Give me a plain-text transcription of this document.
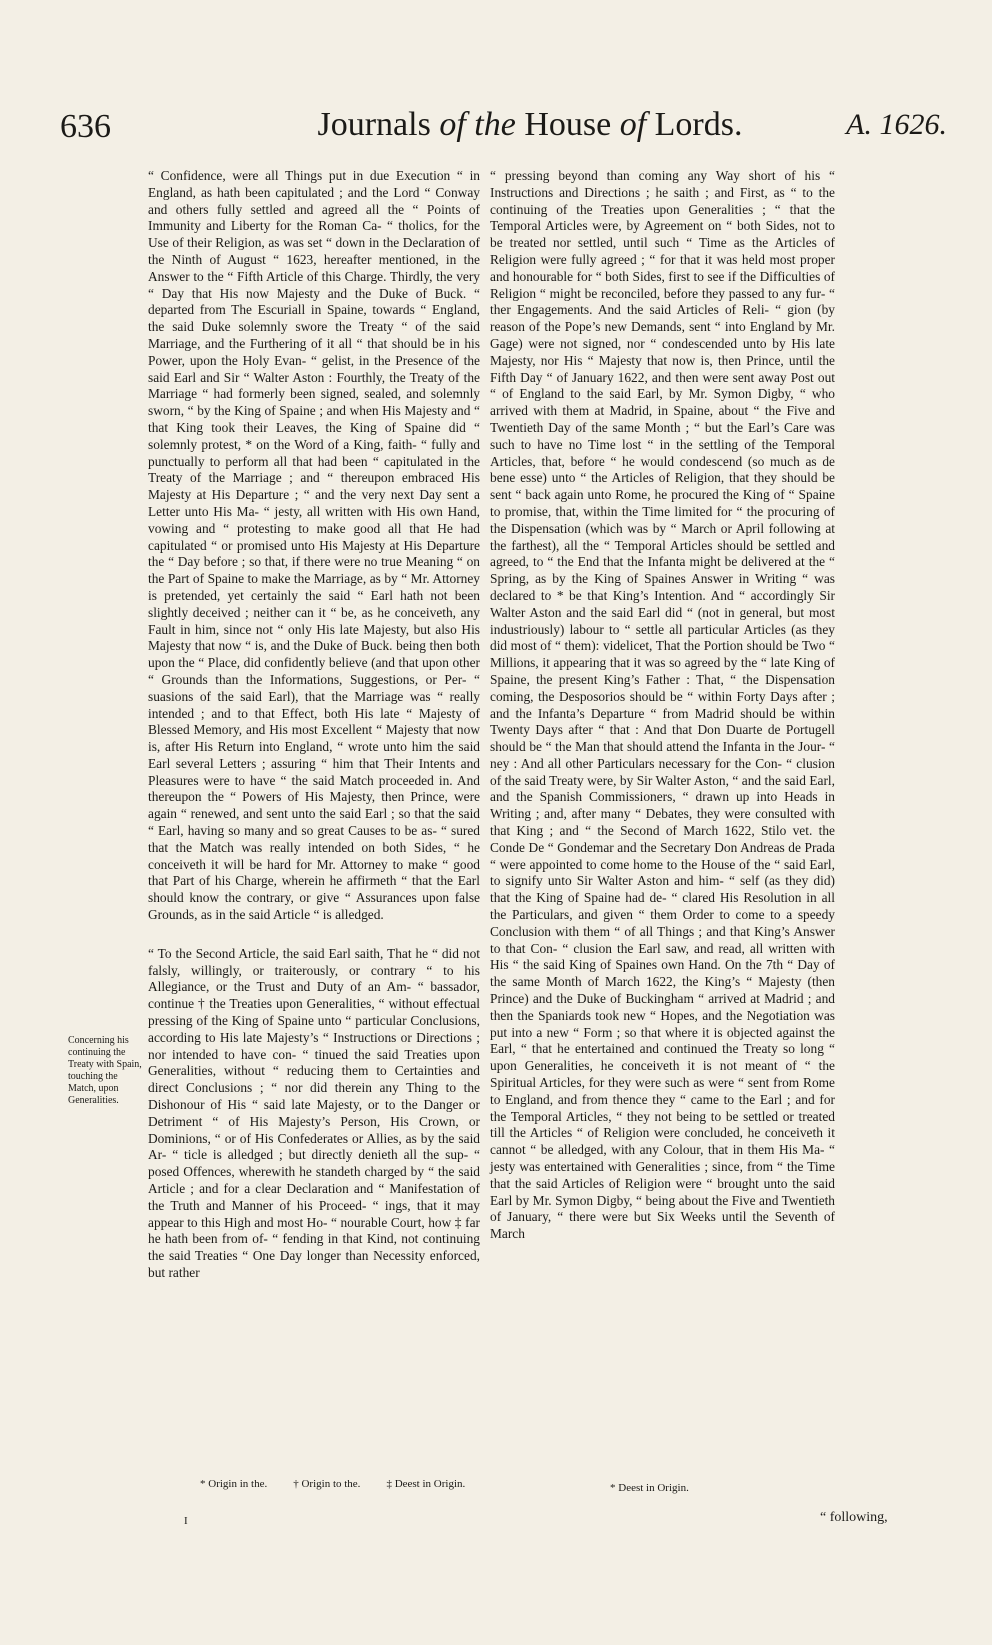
636	Journals of the House of Lords.	A. 1626.
Concerning his continuing the Treaty with Spain, touching the Match, upon Generalities.

“ Confidence, were all Things put in due Execution “ in England, as hath been capitulated ; and the Lord “ Conway and others fully settled and agreed all the “ Points of Immunity and Liberty for the Roman Ca- “ tholics, for the Use of their Religion, as was set “ down in the Declaration of the Ninth of August “ 1623, hereafter mentioned, in the Answer to the “ Fifth Article of this Charge. Thirdly, the very “ Day that His now Majesty and the Duke of Buck. “ departed from The Escuriall in Spaine, towards “ England, the said Duke solemnly swore the Treaty “ of the said Marriage, and the Furthering of it all “ that should be in his Power, upon the Holy Evan- “ gelist, in the Presence of the said Earl and Sir “ Walter Aston : Fourthly, the Treaty of the Marriage “ had formerly been signed, sealed, and solemnly sworn, “ by the King of Spaine ; and when His Majesty and “ that King took their Leaves, the King of Spaine did “ solemnly protest, * on the Word of a King, faith- “ fully and punctually to perform all that had been “ capitulated in the Treaty of the Marriage ; and “ thereupon embraced His Majesty at His Departure ; “ and the very next Day sent a Letter unto His Ma- “ jesty, all written with His own Hand, vowing and “ protesting to make good all that He had capitulated “ or promised unto His Majesty at His Departure the “ Day before ; so that, if there were no true Meaning “ on the Part of Spaine to make the Marriage, as by “ Mr. Attorney is pretended, yet certainly the said “ Earl hath not been slightly deceived ; neither can it “ be, as he conceiveth, any Fault in him, since not “ only His late Majesty, but also His Majesty that now “ is, and the Duke of Buck. being then both upon the “ Place, did confidently believe (and that upon other “ Grounds than the Informations, Suggestions, or Per- “ suasions of the said Earl), that the Marriage was “ really intended ; and to that Effect, both His late “ Majesty of Blessed Memory, and His most Excellent “ Majesty that now is, after His Return into England, “ wrote unto him the said Earl several Letters ; assuring “ him that Their Intents and Pleasures were to have “ the said Match proceeded in. And thereupon the “ Powers of His Majesty, then Prince, were again “ renewed, and sent unto the said Earl ; so that the said “ Earl, having so many and so great Causes to be as- “ sured that the Match was really intended on both Sides, “ he conceiveth it will be hard for Mr. Attorney to make “ good that Part of his Charge, wherein he affirmeth “ that the Earl should know the contrary, or give “ Assurances upon false Grounds, as in the said Article “ is alledged.

“ To the Second Article, the said Earl saith, That he “ did not falsly, willingly, or traiterously, or contrary “ to his Allegiance, or the Trust and Duty of an Am- “ bassador, continue † the Treaties upon Generalities, “ without effectual pressing of the King of Spaine unto “ particular Conclusions, according to His late Majesty’s “ Instructions or Directions ; nor intended to have con- “ tinued the said Treaties upon Generalities, without “ reducing them to Certainties and direct Conclusions ; “ nor did therein any Thing to the Dishonour of His “ said late Majesty, or to the Danger or Detriment “ of His Majesty’s Person, His Crown, or Dominions, “ or of His Confederates or Allies, as by the said Ar- “ ticle is alledged ; but directly denieth all the sup- “ posed Offences, wherewith he standeth charged by “ the said Article ; and for a clear Declaration and “ Manifestation of the Truth and Manner of his Proceed- “ ings, that it may appear to this High and most Ho- “ nourable Court, how ‡ far he hath been from of- “ fending in that Kind, not continuing the said Treaties “ One Day longer than Necessity enforced, but rather

“ pressing beyond than coming any Way short of his “ Instructions and Directions ; he saith ; and First, as “ to the continuing of the Treaties upon Generalities ; “ that the Temporal Articles were, by Agreement on “ both Sides, not to be treated nor settled, until such “ Time as the Articles of Religion were fully agreed ; “ for that it was held most proper and honourable for “ both Sides, first to see if the Difficulties of Religion “ might be reconciled, before they passed to any fur- “ ther Engagements. And the said Articles of Reli- “ gion (by reason of the Pope’s new Demands, sent “ into England by Mr. Gage) were not signed, nor “ condescended unto by His late Majesty, nor His “ Majesty that now is, then Prince, until the Fifth Day “ of January 1622, and then were sent away Post out “ of England to the said Earl, by Mr. Symon Digby, “ who arrived with them at Madrid, in Spaine, about “ the Five and Twentieth Day of the same Month ; “ but the Earl’s Care was such to have no Time lost “ in the settling of the Temporal Articles, that, before “ he would condescend (so much as de bene esse) unto “ the Articles of Religion, that they should be sent “ back again unto Rome, he procured the King of “ Spaine to promise, that, within the Time limited for “ the procuring of the Dispensation (which was by “ March or April following at the farthest), all the “ Temporal Articles should be settled and agreed, to “ the End that the Infanta might be delivered at the “ Spring, as by the King of Spaines Answer in Writing “ was declared to * be that King’s Intention. And “ accordingly Sir Walter Aston and the said Earl did “ (not in general, but most industriously) labour to “ settle all particular Articles (as they did most of “ them): videlicet, That the Portion should be Two “ Millions, it appearing that it was so agreed by the “ late King of Spaine, the present King’s Father : That, “ the Dispensation coming, the Desposorios should be “ within Forty Days after ; and the Infanta’s Departure “ from Madrid should be within Twenty Days after “ that : And that Don Duarte de Portugell should be “ the Man that should attend the Infanta in the Jour- “ ney : And all other Particulars necessary for the Con- “ clusion of the said Treaty were, by Sir Walter Aston, “ and the said Earl, and the Spanish Commissioners, “ drawn up into Heads in Writing ; and, after many “ Debates, they were consulted with that King ; and “ the Second of March 1622, Stilo vet. the Conde De “ Gondemar and the Secretary Don Andreas de Prada “ were appointed to come home to the House of the “ said Earl, to signify unto Sir Walter Aston and him- “ self (as they did) that the King of Spaine had de- “ clared His Resolution in all the Particulars, and given “ them Order to come to a speedy Conclusion with them “ of all Things ; and that King’s Answer to that Con- “ clusion the Earl saw, and read, all written with His “ the said King of Spaines own Hand. On the 7th “ Day of the same Month of March 1622, the King’s “ Majesty (then Prince) and the Duke of Buckingham “ arrived at Madrid ; and then the Spaniards took new “ Hopes, and the Negotiation was put into a new “ Form ; so that where it is objected against the Earl, “ that he entertained and continued the Treaty so long “ upon Generalities, he conceiveth it is not meant of “ the Spiritual Articles, for they were such as were “ sent from Rome to England, and from thence they “ came to the Earl ; and for the Temporal Articles, “ they not being to be settled or treated till the Articles “ of Religion were concluded, he conceiveth it cannot “ be alledged, with any Colour, that in them His Ma- “ jesty was entertained with Generalities ; since, from “ the Time that the said Articles of Religion were “ brought unto the said Earl by Mr. Symon Digby, “ being about the Five and Twentieth of January, “ there were but Six Weeks until the Seventh of March

* Origin in the. † Origin to the. ‡ Deest in Origin.	* Deest in Origin.
I	“ following,
